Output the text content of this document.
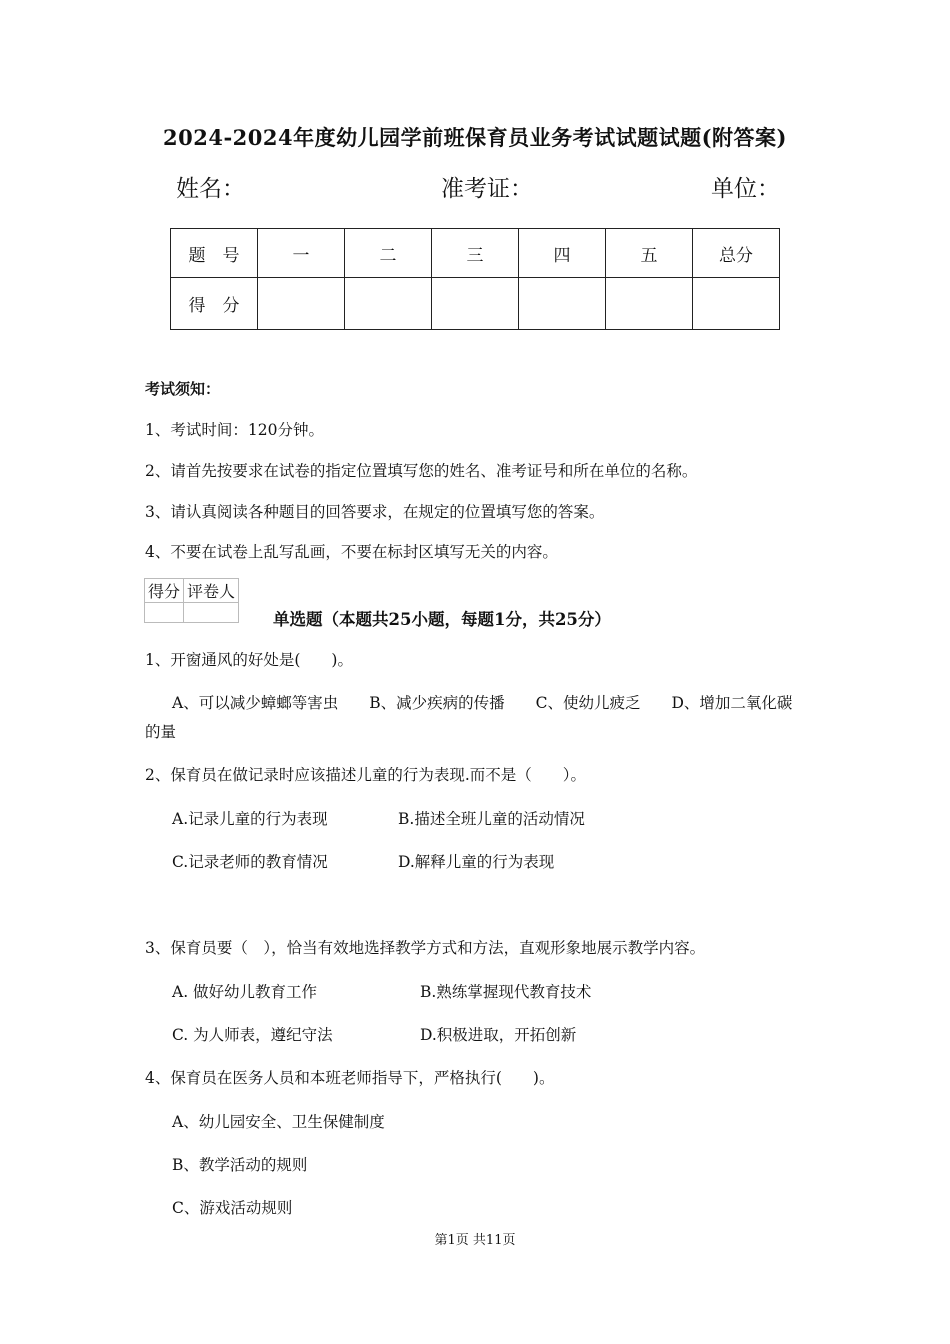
2024-2024年度幼儿园学前班保育员业务考试试题试题(附答案)
姓名：	准考证：	单位：
题　号	一	二	三	四	五	总分
得　分						
考试须知：
1、考试时间：120分钟。
2、请首先按要求在试卷的指定位置填写您的姓名、准考证号和所在单位的名称。
3、请认真阅读各种题目的回答要求，在规定的位置填写您的答案。
4、不要在试卷上乱写乱画，不要在标封区填写无关的内容。
得分	评卷人

单选题（本题共25小题，每题1分，共25分）
1、开窗通风的好处是(　　)。
A、可以减少蟑螂等害虫　　B、减少疾病的传播　　C、使幼儿疲乏　　D、增加二氧化碳
的量
2、保育员在做记录时应该描述儿童的行为表现.而不是（　　）。
A.记录儿童的行为表现	B.描述全班儿童的活动情况
C.记录老师的教育情况	D.解释儿童的行为表现
3、保育员要（　），恰当有效地选择教学方式和方法，直观形象地展示教学内容。
A. 做好幼儿教育工作	B.熟练掌握现代教育技术
C. 为人师表，遵纪守法	D.积极进取，开拓创新
4、保育员在医务人员和本班老师指导下，严格执行(　　)。
A、幼儿园安全、卫生保健制度
B、教学活动的规则
C、游戏活动规则
第1页 共11页
